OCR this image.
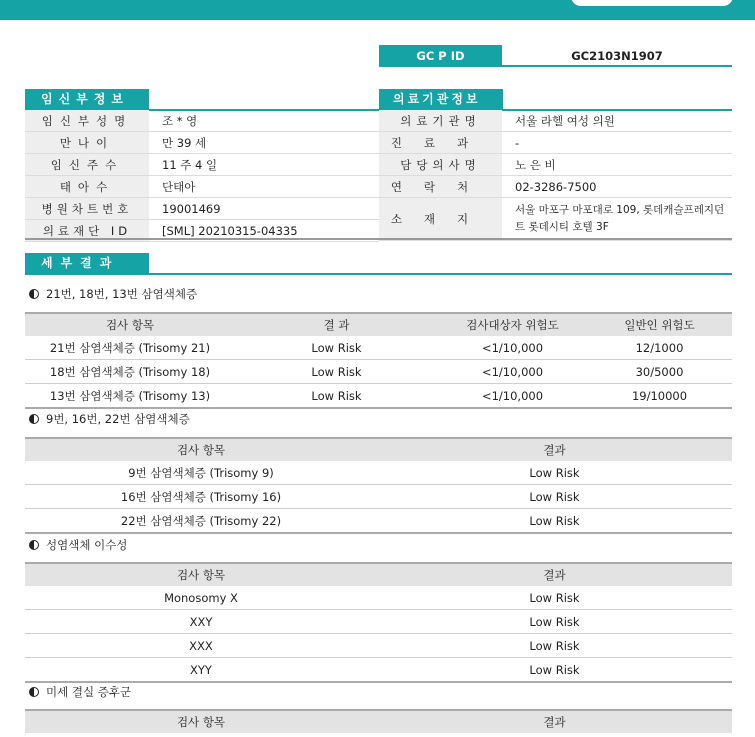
GC P ID	GC2103N1907
임신부정보
임신부성명	조 * 영
만나이	만 39 세
임신주수	11 주 4 일
태아수	단태아
병원차트번호	19001469
의료재단 ID	[SML] 20210315-04335
의료기관정보
의료기관명	서울 라헬 여성 의원
진료과	-
담당의사명	노 은 비
연락처	02-3286-7500
소재지	서울 마포구 마포대로 109, 롯데캐슬프레지던트 롯데시티 호텔 3F
세부결과
21번, 18번, 13번 삼염색체증
검사 항목	결 과	검사대상자 위험도	일반인 위험도
21번 삼염색체증 (Trisomy 21)	Low Risk	<1/10,000	12/1000
18번 삼염색체증 (Trisomy 18)	Low Risk	<1/10,000	30/5000
13번 삼염색체증 (Trisomy 13)	Low Risk	<1/10,000	19/10000
9번, 16번, 22번 삼염색체증
검사 항목	결과
9번 삼염색체증 (Trisomy 9)	Low Risk
16번 삼염색체증 (Trisomy 16)	Low Risk
22번 삼염색체증 (Trisomy 22)	Low Risk
성염색체 이수성
검사 항목	결과
Monosomy X	Low Risk
XXY	Low Risk
XXX	Low Risk
XYY	Low Risk
미세 결실 증후군
검사 항목	결과
